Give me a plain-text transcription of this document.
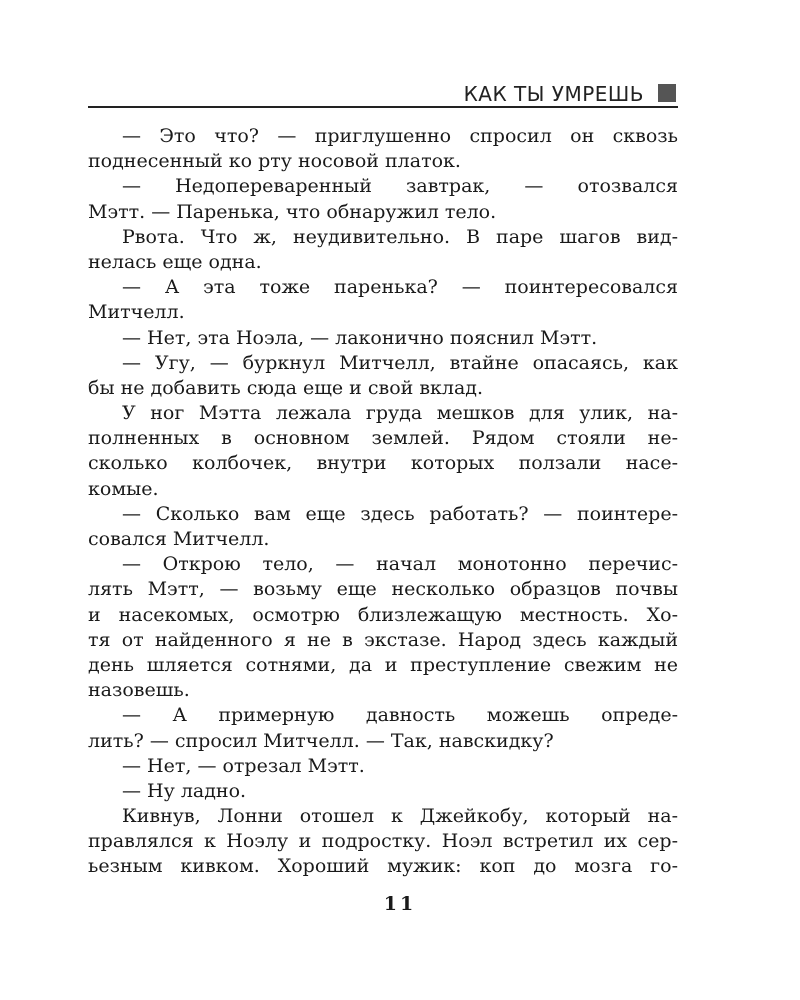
КАК ТЫ УМРЕШЬ
— Это что? — приглушенно спросил он сквозь
поднесенный ко рту носовой платок.
— Недопереваренный завтрак, — отозвался
Мэтт. — Паренька, что обнаружил тело.
Рвота. Что ж, неудивительно. В паре шагов вид-
нелась еще одна.
— А эта тоже паренька? — поинтересовался
Митчелл.
— Нет, эта Ноэла, — лаконично пояснил Мэтт.
— Угу, — буркнул Митчелл, втайне опасаясь, как
бы не добавить сюда еще и свой вклад.
У ног Мэтта лежала груда мешков для улик, на-
полненных в основном землей. Рядом стояли не-
сколько колбочек, внутри которых ползали насе-
комые.
— Сколько вам еще здесь работать? — поинтере-
совался Митчелл.
— Открою тело, — начал монотонно перечис-
лять Мэтт, — возьму еще несколько образцов почвы
и насекомых, осмотрю близлежащую местность. Хо-
тя от найденного я не в экстазе. Народ здесь каждый
день шляется сотнями, да и преступление свежим не
назовешь.
— А примерную давность можешь опреде-
лить? — спросил Митчелл. — Так, навскидку?
— Нет, — отрезал Мэтт.
— Ну ладно.
Кивнув, Лонни отошел к Джейкобу, который на-
правлялся к Ноэлу и подростку. Ноэл встретил их сер-
ьезным кивком. Хороший мужик: коп до мозга го-
11
